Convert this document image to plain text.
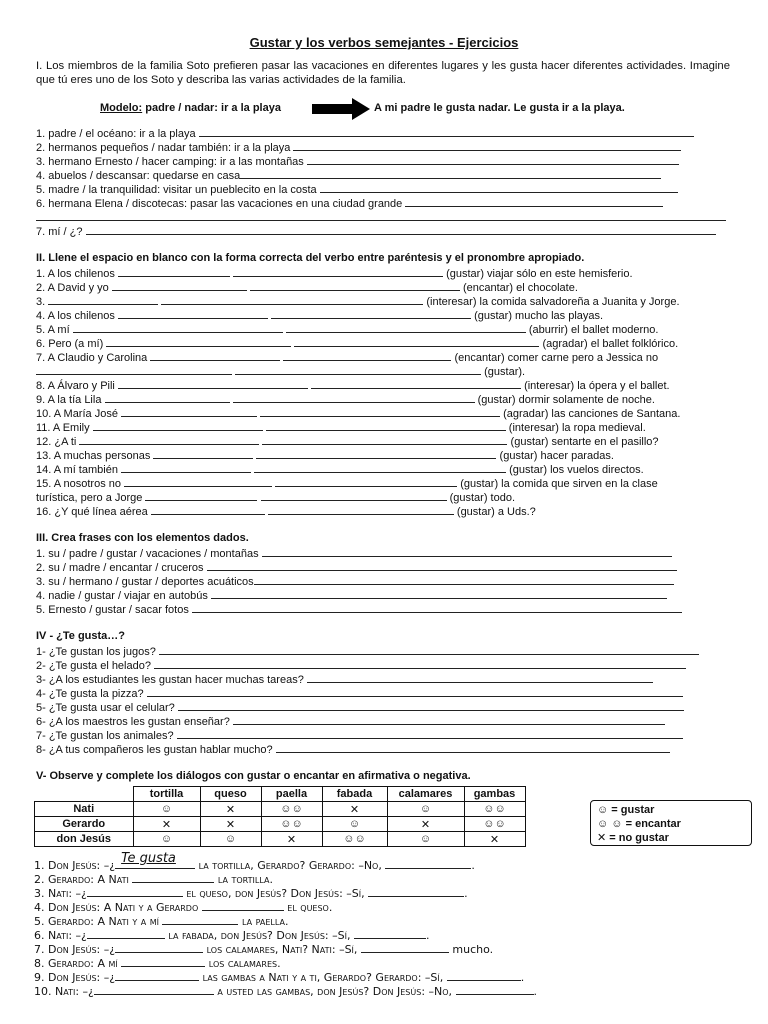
Gustar y los verbos semejantes - Ejercicios
I. Los miembros de la familia Soto prefieren pasar las vacaciones en diferentes lugares y les gusta hacer diferentes actividades. Imagine que tú eres uno de los Soto y describa las varias actividades de la familia.
Modelo: padre / nadar: ir a la playa	A mi padre le gusta nadar. Le gusta ir a la playa.
1. padre / el océano: ir a la playa
2. hermanos pequeños / nadar también: ir a la playa
3. hermano Ernesto / hacer camping: ir a las montañas
4. abuelos / descansar: quedarse en casa
5. madre / la tranquilidad: visitar un pueblecito en la costa
6. hermana Elena / discotecas: pasar las vacaciones en una ciudad grande
7. mí / ¿?
II. Llene el espacio en blanco con la forma correcta del verbo entre paréntesis y el pronombre apropiado.
1. A los chilenos	(gustar) viajar sólo en este hemisferio.
2. A David y yo	(encantar) el chocolate.
3.	(interesar) la comida salvadoreña a Juanita y Jorge.
4. A los chilenos	(gustar) mucho las playas.
5. A mí	(aburrir) el ballet moderno.
6. Pero (a mí)	(agradar) el ballet folklórico.
7. A Claudio y Carolina	(encantar) comer carne pero a Jessica no
(gustar).
8. A Álvaro y Pili	(interesar) la ópera y el ballet.
9. A la tía Lila	(gustar) dormir solamente de noche.
10. A María José	(agradar) las canciones de Santana.
11. A Emily	(interesar) la ropa medieval.
12. ¿A ti	(gustar) sentarte en el pasillo?
13. A muchas personas	(gustar) hacer paradas.
14. A mí también	(gustar) los vuelos directos.
15. A nosotros no	(gustar) la comida que sirven en la clase
turística, pero a Jorge	(gustar) todo.
16. ¿Y qué línea aérea	(gustar) a Uds.?
III. Crea frases con los elementos dados.
1. su / padre / gustar / vacaciones / montañas
2. su / madre / encantar / cruceros
3. su / hermano / gustar / deportes acuáticos
4. nadie / gustar / viajar en autobús
5. Ernesto / gustar / sacar fotos
IV - ¿Te gusta…?
1- ¿Te gustan los jugos?
2- ¿Te gusta el helado?
3- ¿A los estudiantes les gustan hacer muchas tareas?
4- ¿Te gusta la pizza?
5- ¿Te gusta usar el celular?
6- ¿A los maestros les gustan enseñar?
7- ¿Te gustan los animales?
8- ¿A tus compañeros les gustan hablar mucho?
V- Observe y complete los diálogos con gustar o encantar en afirmativa o negativa.
	tortilla	queso	paella	fabada	calamares	gambas
Nati	☺	✕	☺☺	✕	☺	☺☺
Gerardo	✕	✕	☺☺	☺	✕	☺☺
don Jesús	☺	☺	✕	☺☺	☺	✕
☺ = gustar
☺ ☺ = encantar
✕ = no gustar
1. Don Jesús: –¿ Te gusta la tortilla, Gerardo? Gerardo: –No,	.
2. Gerardo: A Nati	la tortilla.
3. Nati: –¿	el queso, don Jesús? Don Jesús: –Sí,	.
4. Don Jesús: A Nati y a Gerardo	el queso.
5. Gerardo: A Nati y a mí	la paella.
6. Nati: –¿	la fabada, don Jesús? Don Jesús: –Sí,	.
7. Don Jesús: –¿	los calamares, Nati? Nati: –Sí,	mucho.
8. Gerardo: A mí	los calamares.
9. Don Jesús: –¿	las gambas a Nati y a ti, Gerardo? Gerardo: –Sí,	.
10. Nati: –¿	a usted las gambas, don Jesús? Don Jesús: –No,	.
